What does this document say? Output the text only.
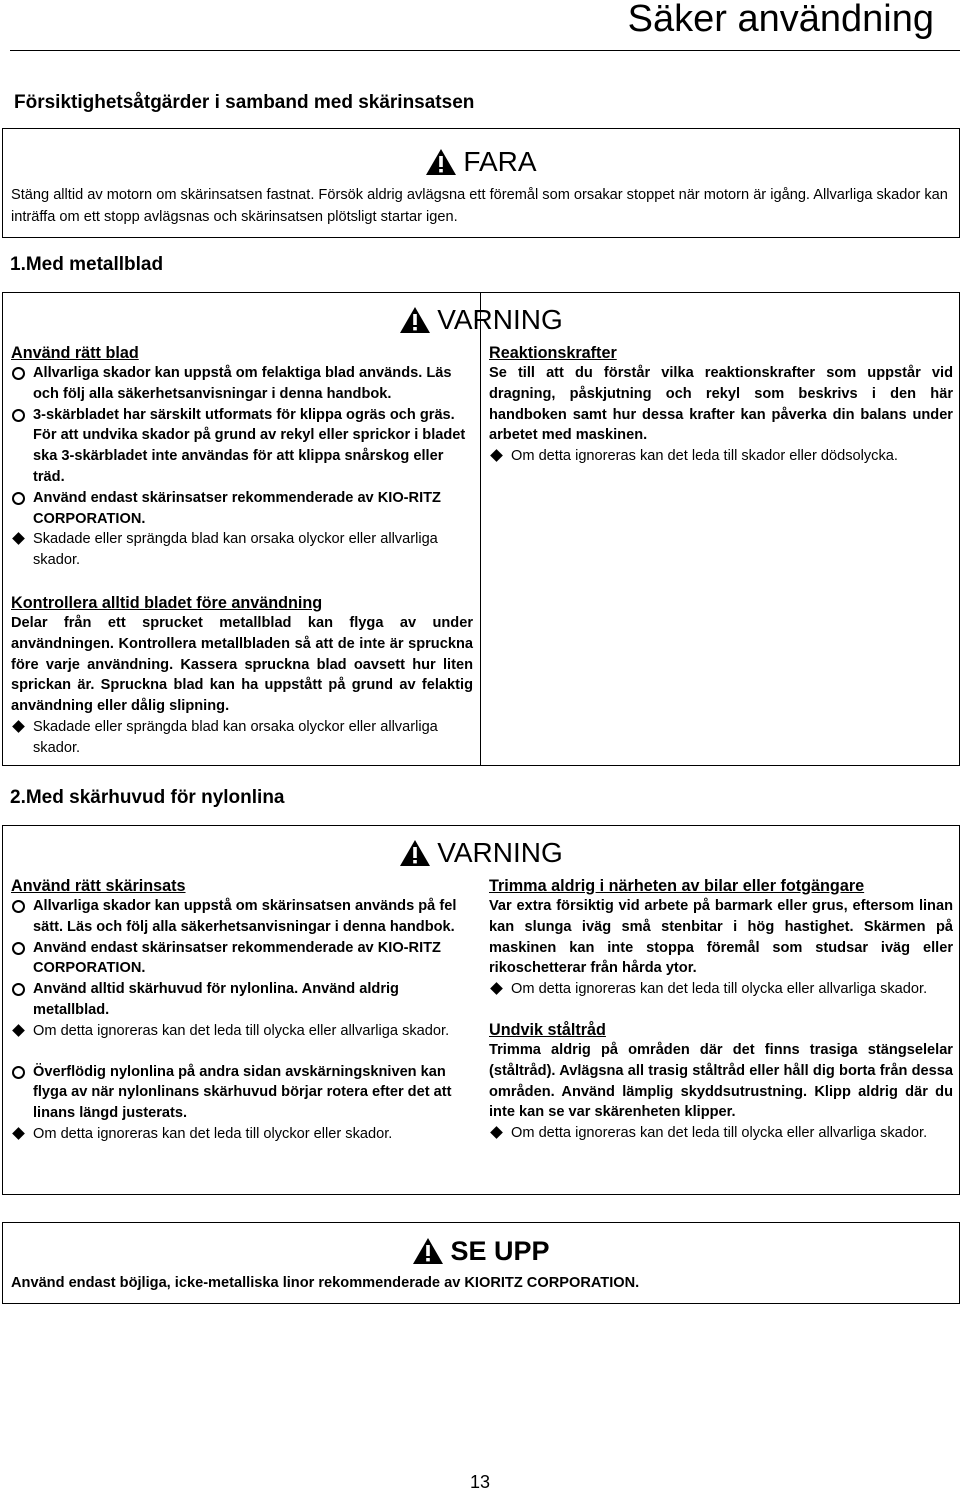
Säker användning
Försiktighetsåtgärder i samband med skärinsatsen
FARA

Stäng alltid av motorn om skärinsatsen fastnat. Försök aldrig avlägsna ett föremål som orsakar stoppet när motorn är igång. Allvarliga skador kan inträffa om ett stopp avlägsnas och skärinsatsen plötsligt startar igen.

1.Med metallblad
VARNING
Använd rätt blad
Allvarliga skador kan uppstå om felaktiga blad används. Läs och följ alla säkerhetsanvisningar i denna handbok.
3-skärbladet har särskilt utformats för klippa ogräs och gräs. För att undvika skador på grund av rekyl eller sprickor i bladet ska 3-skärbladet inte användas för att klippa snårskog eller träd.
Använd endast skärinsatser rekommenderade av KIO-RITZ CORPORATION.
Skadade eller sprängda blad kan orsaka olyckor eller allvarliga skador.
Kontrollera alltid bladet före användning

Delar från ett sprucket metallblad kan flyga av under användningen. Kontrollera metallbladen så att de inte är spruckna före varje användning. Kassera spruckna blad oavsett hur liten sprickan är. Spruckna blad kan ha uppstått på grund av felaktig användning eller dålig slipning.

Skadade eller sprängda blad kan orsaka olyckor eller allvarliga skador.
Reaktionskrafter

Se till att du förstår vilka reaktionskrafter som uppstår vid dragning, påskjutning och rekyl som beskrivs i den här handboken samt hur dessa krafter kan påverka din balans under arbetet med maskinen.

Om detta ignoreras kan det leda till skador eller dödsolycka.
2.Med skärhuvud för nylonlina
VARNING
Använd rätt skärinsats
Allvarliga skador kan uppstå om skärinsatsen används på fel sätt. Läs och följ alla säkerhetsanvisningar i denna handbok.
Använd endast skärinsatser rekommenderade av KIO-RITZ CORPORATION.
Använd alltid skärhuvud för nylonlina. Använd aldrig metallblad.
Om detta ignoreras kan det leda till olycka eller allvarliga skador.
Överflödig nylonlina på andra sidan avskärningskniven kan flyga av när nylonlinans skärhuvud börjar rotera efter det att linans längd justerats.
Om detta ignoreras kan det leda till olyckor eller skador.
Trimma aldrig i närheten av bilar eller fotgängare

Var extra försiktig vid arbete på barmark eller grus, eftersom linan kan slunga iväg små stenbitar i hög hastighet. Skärmen på maskinen kan inte stoppa föremål som studsar iväg eller rikoschetterar från hårda ytor.

Om detta ignoreras kan det leda till olycka eller allvarliga skador.
Undvik ståltråd

Trimma aldrig på områden där det finns trasiga stängselelar (ståltråd). Avlägsna all trasig ståltråd eller håll dig borta från dessa områden. Använd lämplig skyddsutrustning. Klipp aldrig där du inte kan se var skärenheten klipper.

Om detta ignoreras kan det leda till olycka eller allvarliga skador.
SE UPP

Använd endast böjliga, icke-metalliska linor rekommenderade av KIORITZ CORPORATION.

13
